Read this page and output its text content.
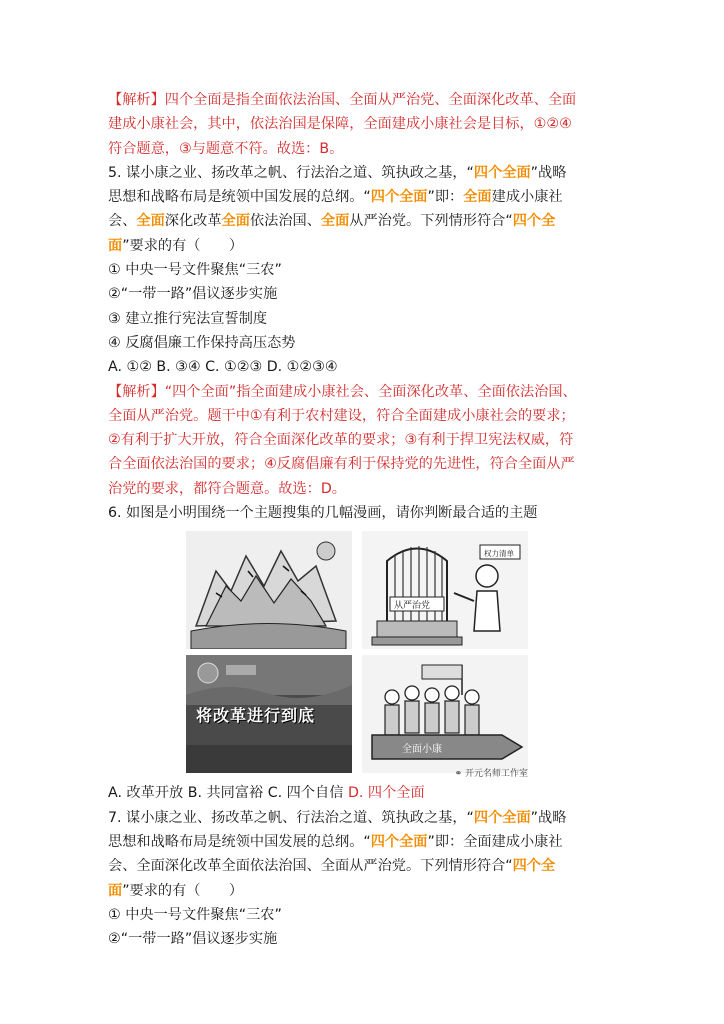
【解析】四个全面是指全面依法治国、全面从严治党、全面深化改革、全面
建成小康社会，其中，依法治国是保障，全面建成小康社会是目标，①②④
符合题意，③与题意不符。故选：B。
5. 谋小康之业、扬改革之帆、行法治之道、筑执政之基，“四个全面”战略
思想和战略布局是统领中国发展的总纲。“四个全面”即：全面建成小康社
会、全面深化改革全面依法治国、全面从严治党。下列情形符合“四个全
面”要求的有（　　）
① 中央一号文件聚焦“三农”
②“一带一路”倡议逐步实施
③ 建立推行宪法宣誓制度
④ 反腐倡廉工作保持高压态势
A. ①② B. ③④ C. ①②③ D. ①②③④
【解析】“四个全面”指全面建成小康社会、全面深化改革、全面依法治国、
全面从严治党。题干中①有利于农村建设，符合全面建成小康社会的要求；
②有利于扩大开放，符合全面深化改革的要求；③有利于捍卫宪法权威，符
合全面依法治国的要求；④反腐倡廉有利于保持党的先进性，符合全面从严
治党的要求，都符合题意。故选：D。
6. 如图是小明围绕一个主题搜集的几幅漫画，请你判断最合适的主题
权力清单
从严治党
将改革进行到底
全面小康
⚭ 开元名师工作室
A. 改革开放 B. 共同富裕 C. 四个自信 D. 四个全面
7. 谋小康之业、扬改革之帆、行法治之道、筑执政之基，“四个全面”战略
思想和战略布局是统领中国发展的总纲。“四个全面”即：全面建成小康社
会、全面深化改革全面依法治国、全面从严治党。下列情形符合“四个全
面”要求的有（　　）
① 中央一号文件聚焦“三农”
②“一带一路”倡议逐步实施
